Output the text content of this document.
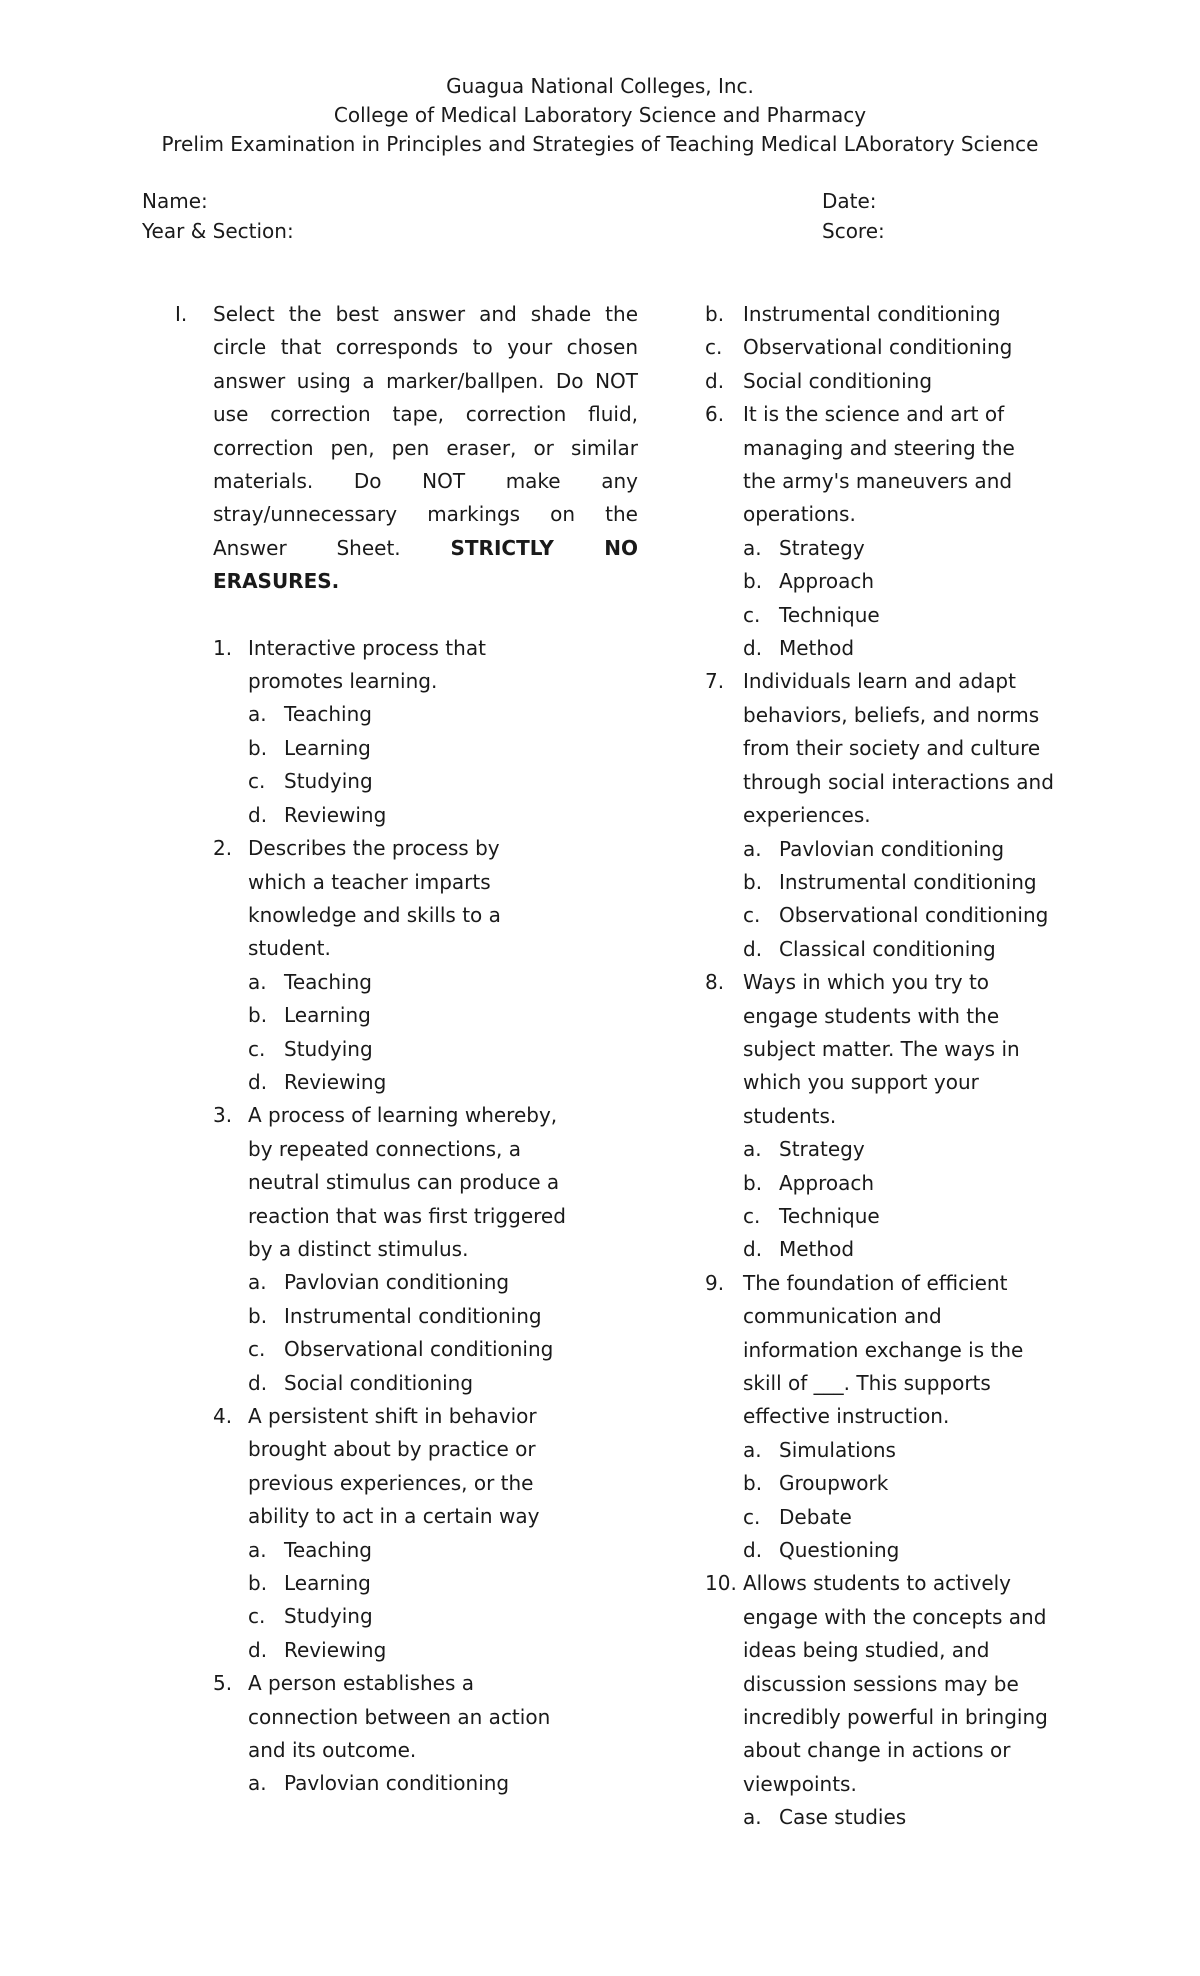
Guagua National Colleges, Inc.
College of Medical Laboratory Science and Pharmacy
Prelim Examination in Principles and Strategies of Teaching Medical LAboratory Science
Name:
Year & Section:
Date:
Score:
I. Select the best answer and shade the circle that corresponds to your chosen answer using a marker/ballpen. Do NOT use correction tape, correction fluid, correction pen, pen eraser, or similar materials. Do NOT make any stray/unnecessary markings on the Answer Sheet. STRICTLY NO ERASURES.
1. Interactive process that
promotes learning.
a. Teaching
b. Learning
c. Studying
d. Reviewing
2. Describes the process by
which a teacher imparts
knowledge and skills to a
student.
a. Teaching
b. Learning
c. Studying
d. Reviewing
3. A process of learning whereby,
by repeated connections, a
neutral stimulus can produce a
reaction that was first triggered
by a distinct stimulus.
a. Pavlovian conditioning
b. Instrumental conditioning
c. Observational conditioning
d. Social conditioning
4. A persistent shift in behavior
brought about by practice or
previous experiences, or the
ability to act in a certain way
a. Teaching
b. Learning
c. Studying
d. Reviewing
5. A person establishes a
connection between an action
and its outcome.
a. Pavlovian conditioning
b. Instrumental conditioning
c. Observational conditioning
d. Social conditioning
6. It is the science and art of
managing and steering the
the army's maneuvers and
operations.
a. Strategy
b. Approach
c. Technique
d. Method
7. Individuals learn and adapt
behaviors, beliefs, and norms
from their society and culture
through social interactions and
experiences.
a. Pavlovian conditioning
b. Instrumental conditioning
c. Observational conditioning
d. Classical conditioning
8. Ways in which you try to
engage students with the
subject matter. The ways in
which you support your
students.
a. Strategy
b. Approach
c. Technique
d. Method
9. The foundation of efficient
communication and
information exchange is the
skill of ___. This supports
effective instruction.
a. Simulations
b. Groupwork
c. Debate
d. Questioning
10. Allows students to actively
engage with the concepts and
ideas being studied, and
discussion sessions may be
incredibly powerful in bringing
about change in actions or
viewpoints.
a. Case studies
